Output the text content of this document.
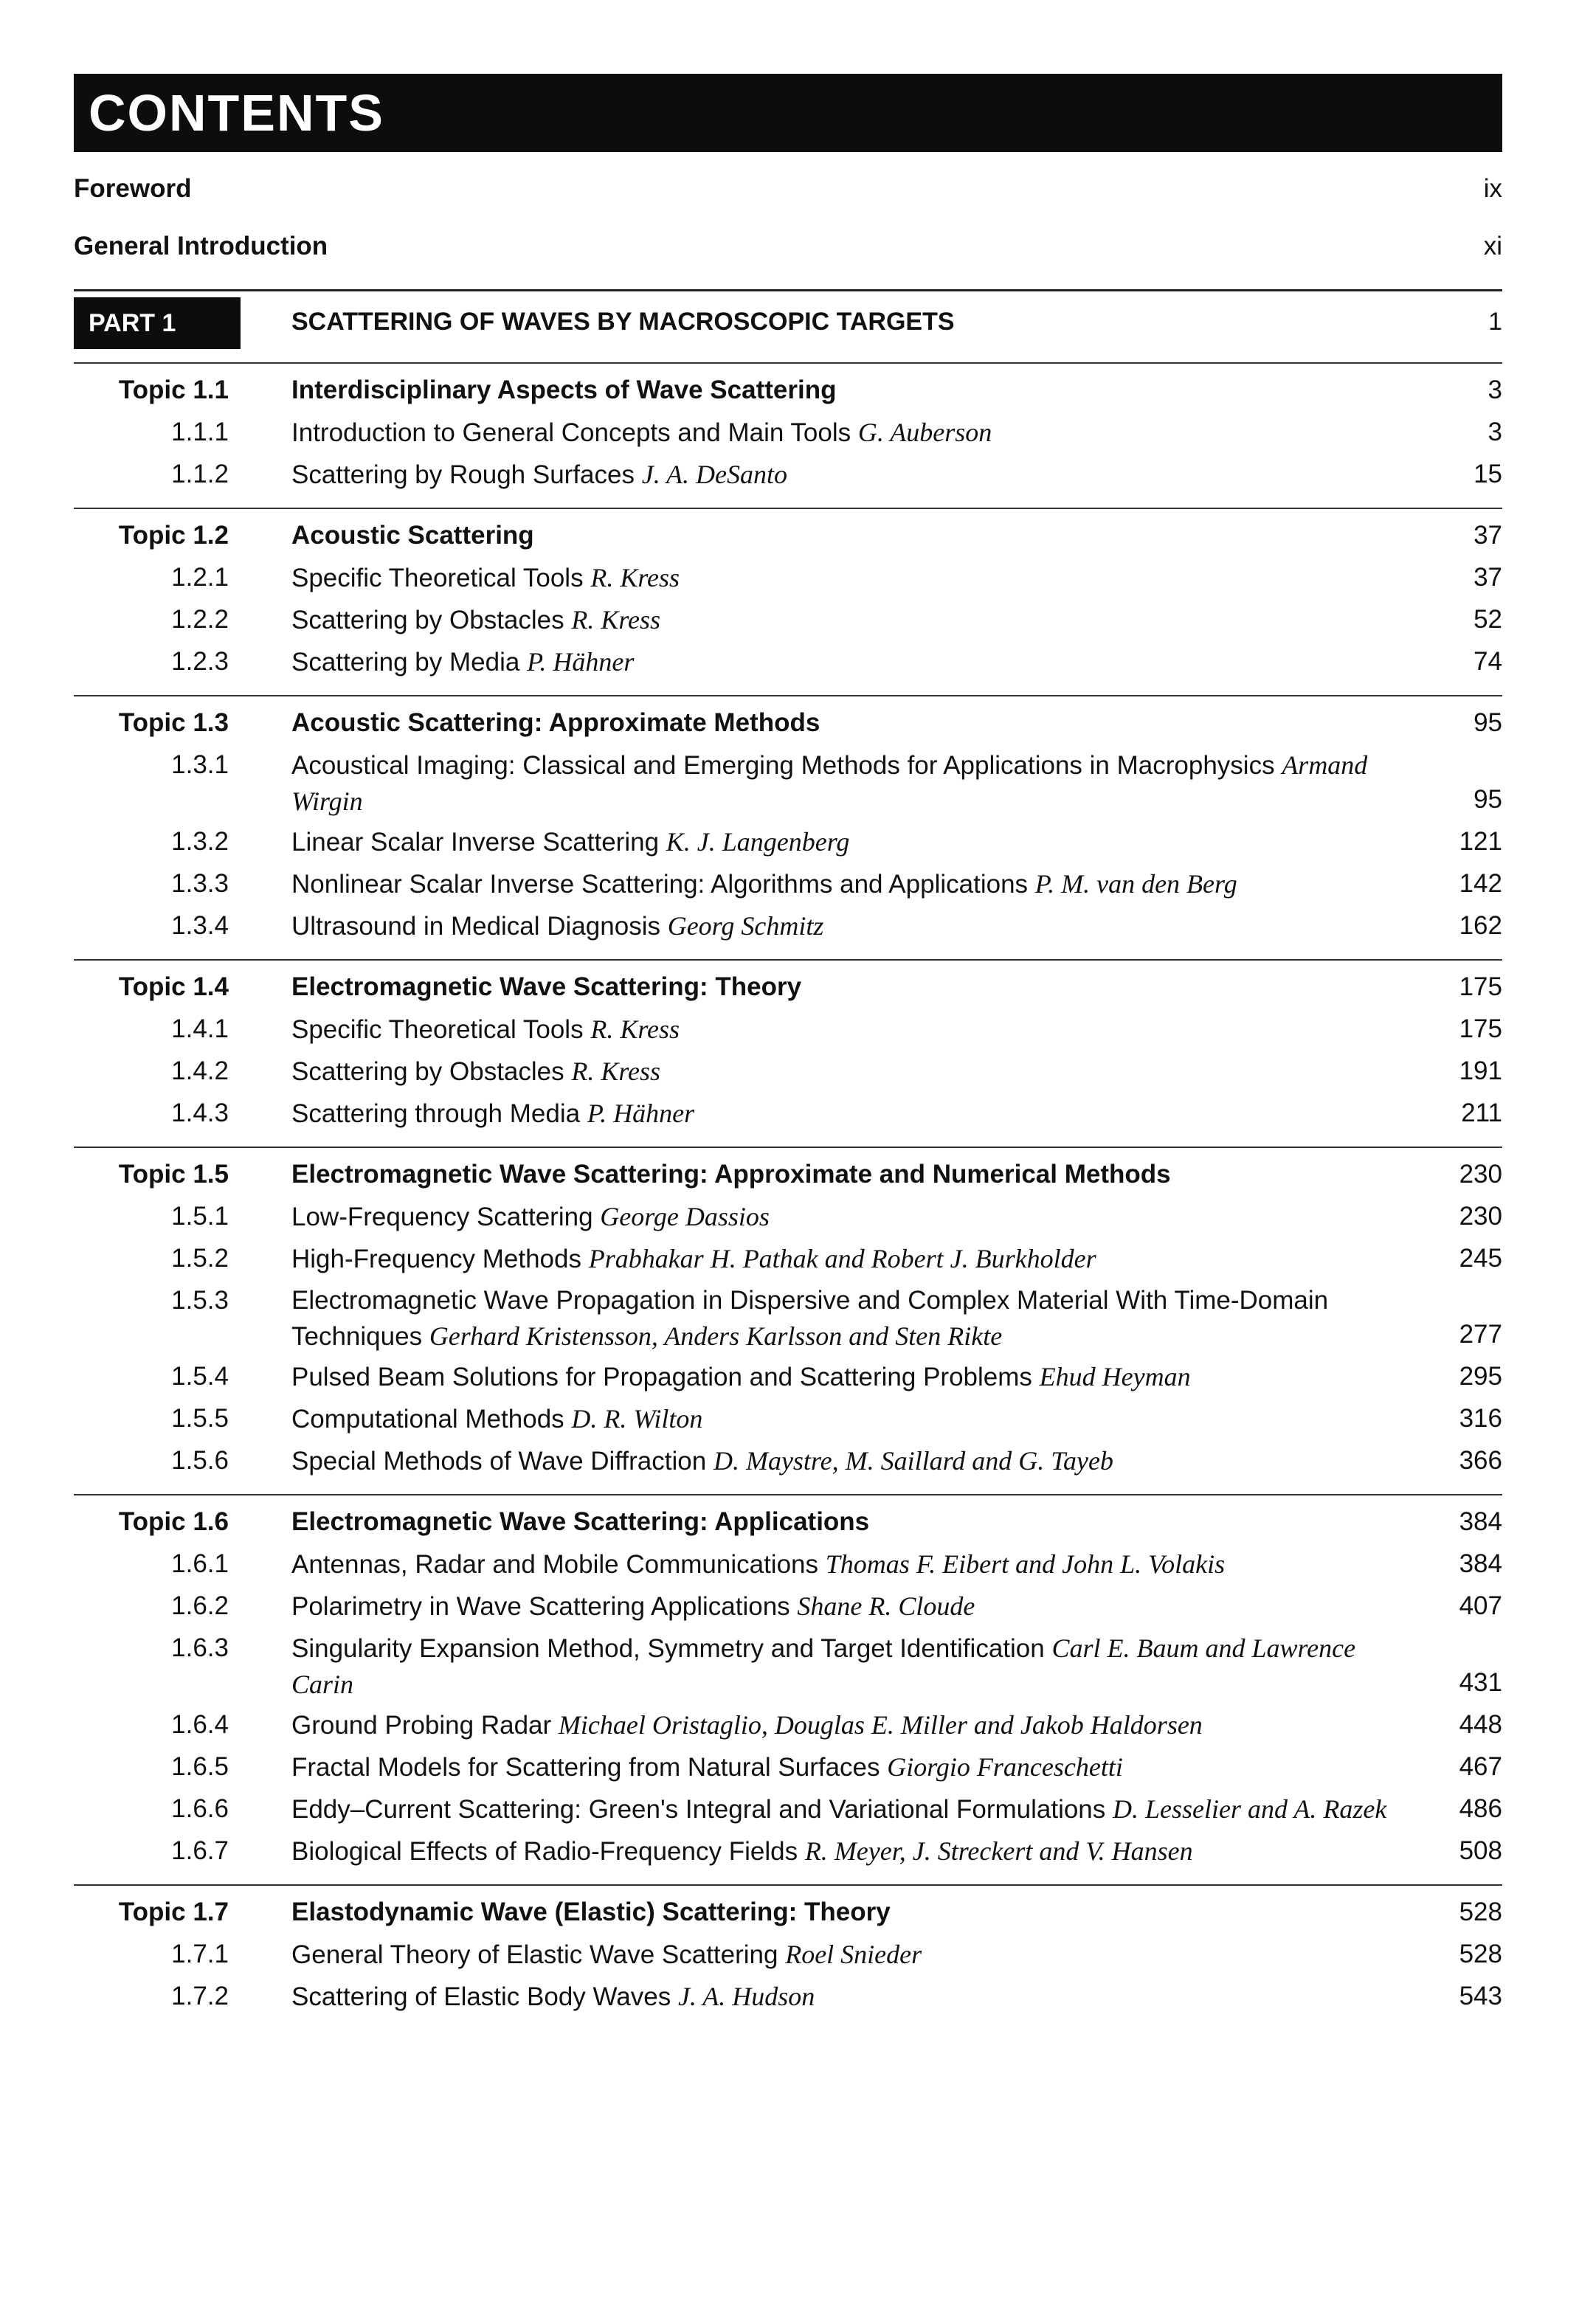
CONTENTS
Foreword	ix
General Introduction	xi
PART 1	SCATTERING OF WAVES BY MACROSCOPIC TARGETS	1
Topic 1.1 Interdisciplinary Aspects of Wave Scattering	3
1.1.1 Introduction to General Concepts and Main Tools G. Auberson	3
1.1.2 Scattering by Rough Surfaces J. A. DeSanto	15
Topic 1.2 Acoustic Scattering	37
1.2.1 Specific Theoretical Tools R. Kress	37
1.2.2 Scattering by Obstacles R. Kress	52
1.2.3 Scattering by Media P. Hähner	74
Topic 1.3 Acoustic Scattering: Approximate Methods	95
1.3.1 Acoustical Imaging: Classical and Emerging Methods for Applications in Macrophysics Armand Wirgin	95
1.3.2 Linear Scalar Inverse Scattering K. J. Langenberg	121
1.3.3 Nonlinear Scalar Inverse Scattering: Algorithms and Applications P. M. van den Berg	142
1.3.4 Ultrasound in Medical Diagnosis Georg Schmitz	162
Topic 1.4 Electromagnetic Wave Scattering: Theory	175
1.4.1 Specific Theoretical Tools R. Kress	175
1.4.2 Scattering by Obstacles R. Kress	191
1.4.3 Scattering through Media P. Hähner	211
Topic 1.5 Electromagnetic Wave Scattering: Approximate and Numerical Methods	230
1.5.1 Low-Frequency Scattering George Dassios	230
1.5.2 High-Frequency Methods Prabhakar H. Pathak and Robert J. Burkholder	245
1.5.3 Electromagnetic Wave Propagation in Dispersive and Complex Material With Time-Domain Techniques Gerhard Kristensson, Anders Karlsson and Sten Rikte	277
1.5.4 Pulsed Beam Solutions for Propagation and Scattering Problems Ehud Heyman	295
1.5.5 Computational Methods D. R. Wilton	316
1.5.6 Special Methods of Wave Diffraction D. Maystre, M. Saillard and G. Tayeb	366
Topic 1.6 Electromagnetic Wave Scattering: Applications	384
1.6.1 Antennas, Radar and Mobile Communications Thomas F. Eibert and John L. Volakis	384
1.6.2 Polarimetry in Wave Scattering Applications Shane R. Cloude	407
1.6.3 Singularity Expansion Method, Symmetry and Target Identification Carl E. Baum and Lawrence Carin	431
1.6.4 Ground Probing Radar Michael Oristaglio, Douglas E. Miller and Jakob Haldorsen	448
1.6.5 Fractal Models for Scattering from Natural Surfaces Giorgio Franceschetti	467
1.6.6 Eddy–Current Scattering: Green's Integral and Variational Formulations D. Lesselier and A. Razek	486
1.6.7 Biological Effects of Radio-Frequency Fields R. Meyer, J. Streckert and V. Hansen	508
Topic 1.7 Elastodynamic Wave (Elastic) Scattering: Theory	528
1.7.1 General Theory of Elastic Wave Scattering Roel Snieder	528
1.7.2 Scattering of Elastic Body Waves J. A. Hudson	543
